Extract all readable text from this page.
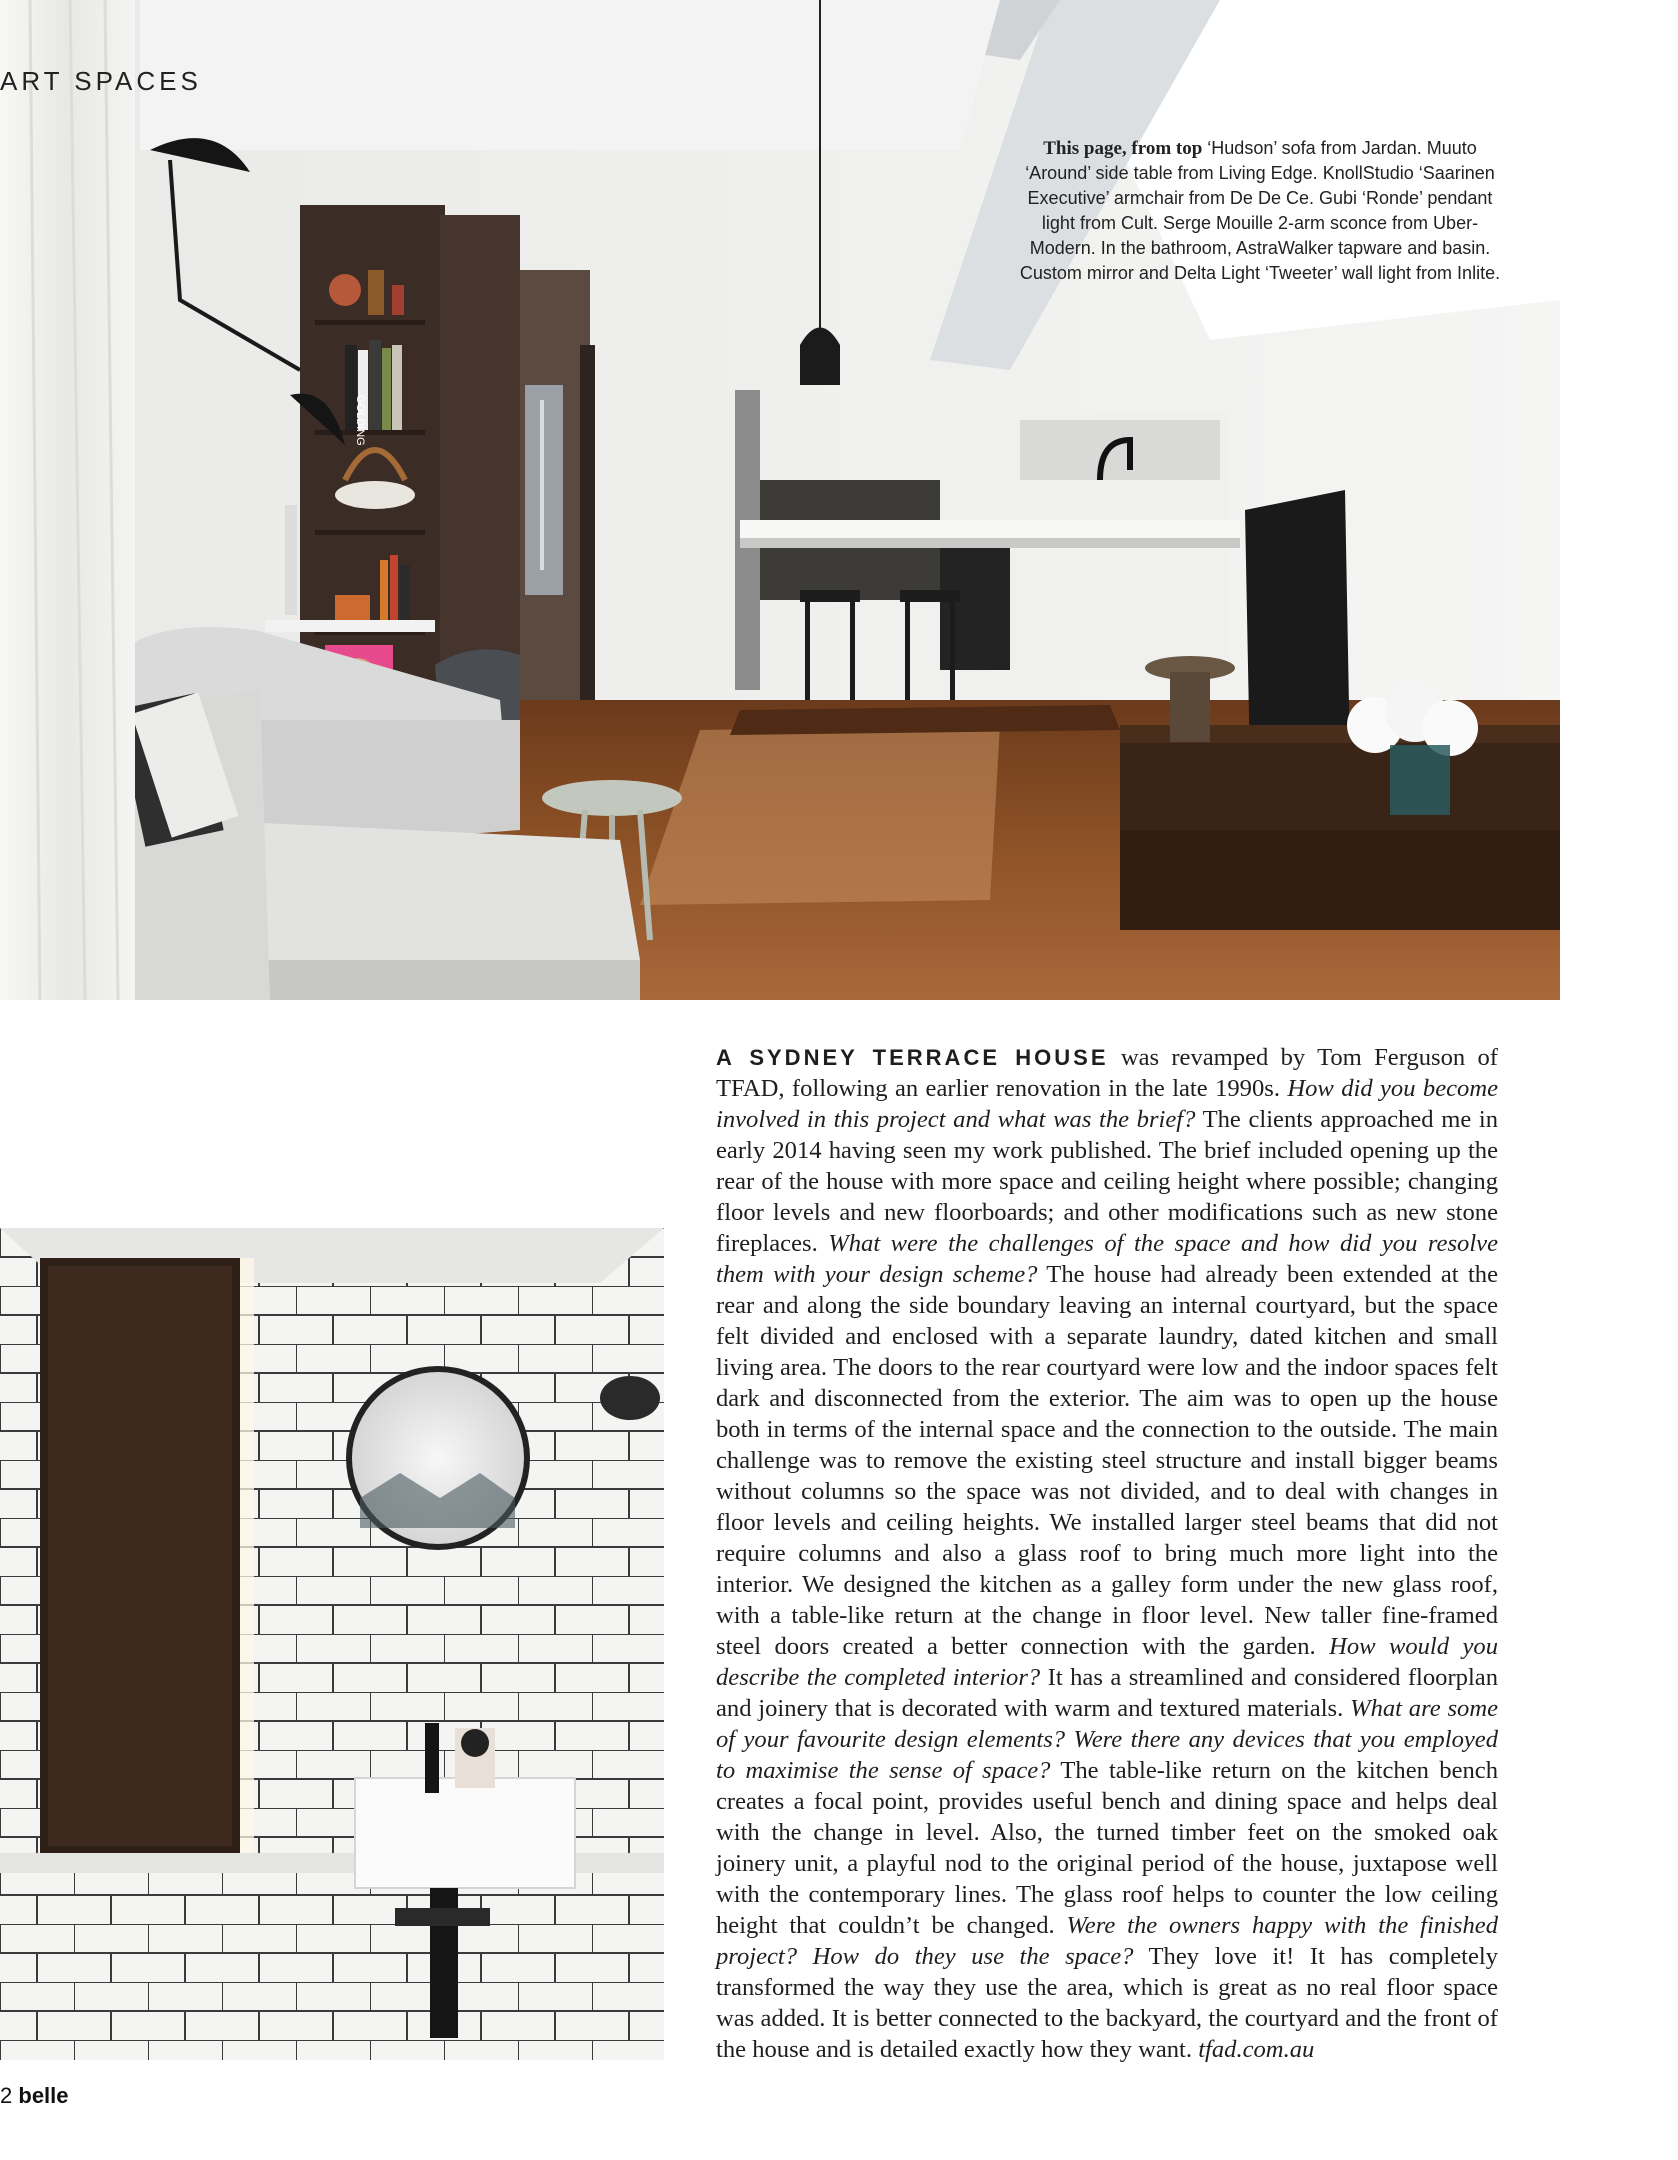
GOLDING
This page, from top ‘Hudson’ sofa from Jardan. Muuto ‘Around’ side table from Living Edge. KnollStudio ‘Saarinen Executive’ armchair from De De Ce. Gubi ‘Ronde’ pendant light from Cult. Serge Mouille 2-arm sconce from Uber-Modern. In the bathroom, AstraWalker tapware and basin. Custom mirror and Delta Light ‘Tweeter’ wall light from Inlite.
ART SPACES
A SYDNEY TERRACE HOUSE was revamped by Tom Ferguson of TFAD, following an earlier renovation in the late 1990s. How did you become involved in this project and what was the brief? The clients approached me in early 2014 having seen my work published. The brief included opening up the rear of the house with more space and ceiling height where possible; changing floor levels and new floorboards; and other modifications such as new stone fireplaces. What were the challenges of the space and how did you resolve them with your design scheme? The house had already been extended at the rear and along the side boundary leaving an internal courtyard, but the space felt divided and enclosed with a separate laundry, dated kitchen and small living area. The doors to the rear courtyard were low and the indoor spaces felt dark and disconnected from the exterior. The aim was to open up the house both in terms of the internal space and the connection to the outside. The main challenge was to remove the existing steel structure and install bigger beams without columns so the space was not divided, and to deal with changes in floor levels and ceiling heights. We installed larger steel beams that did not require columns and also a glass roof to bring much more light into the interior. We designed the kitchen as a galley form under the new glass roof, with a table-like return at the change in floor level. New taller fine-framed steel doors created a better connection with the garden. How would you describe the completed interior? It has a streamlined and considered floorplan and joinery that is decorated with warm and textured materials. What are some of your favourite design elements? Were there any devices that you employed to maximise the sense of space? The table-like return on the kitchen bench creates a focal point, provides useful bench and dining space and helps deal with the change in level. Also, the turned timber feet on the smoked oak joinery unit, a playful nod to the original period of the house, juxtapose well with the contemporary lines. The glass roof helps to counter the low ceiling height that couldn’t be changed. Were the owners happy with the finished project? How do they use the space? They love it! It has completely transformed the way they use the area, which is great as no real floor space was added. It is better connected to the backyard, the courtyard and the front of the house and is detailed exactly how they want. tfad.com.au
2 belle
